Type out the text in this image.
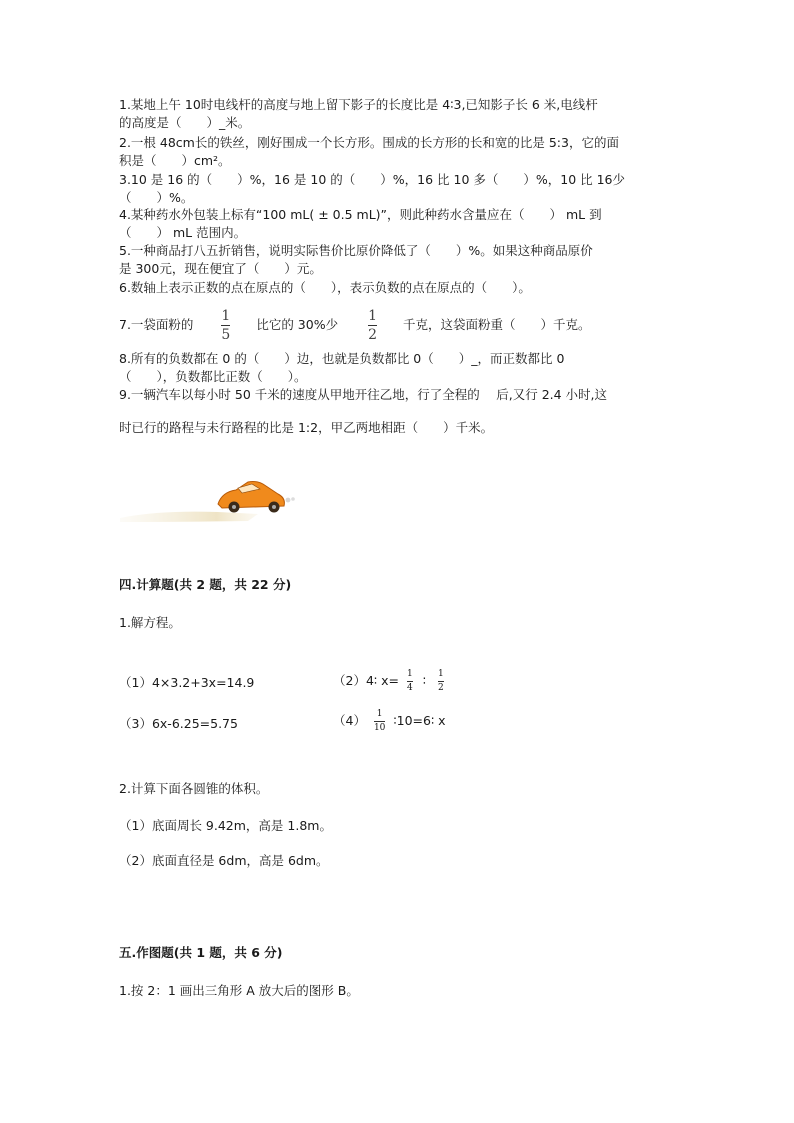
1.某地上午 10时电线杆的高度与地上留下影子的长度比是 4∶3,已知影子长 6 米,电线杆
的高度是（　　）_米。
2.一根 48cm长的铁丝，刚好围成一个长方形。围成的长方形的长和宽的比是 5:3，它的面
积是（　　）cm²。
3.10 是 16 的（　　）%，16 是 10 的（　　）%，16 比 10 多（　　）%，10 比 16少
（　　）%。
4.某种药水外包装上标有“100 mL( ± 0.5 mL)”，则此种药水含量应在（　　） mL 到
（　　） mL 范围内。
5.一种商品打八五折销售，说明实际售价比原价降低了（　　）%。如果这种商品原价
是 300元，现在便宜了（　　）元。
6.数轴上表示正数的点在原点的（　　），表示负数的点在原点的（　　）。
7.一袋面粉的 $\frac{1}{5}$ 比它的 30%少 $\frac{1}{2}$ 千克，这袋面粉重（　　）千克。
8.所有的负数都在 0 的（　　）边，也就是负数都比 0（　　）_，而正数都比 0
（　　），负数都比正数（　　）。
9.一辆汽车以每小时 50 千米的速度从甲地开往乙地，行了全程的　 后,又行 2.4 小时,这
时已行的路程与未行路程的比是 1:2，甲乙两地相距（　　）千米。
四.计算题(共 2 题，共 22 分)
1.解方程。
（1）4×3.2+3x=14.9	（2）4∶ $x= \frac{1}{4}$ ∶ $\frac{1}{2}$
（3）6x-6.25=5.75	$(4) \frac{1}{10}$ ∶10=6∶ x
2.计算下面各圆锥的体积。
（1）底面周长 9.42m，高是 1.8m。
（2）底面直径是 6dm，高是 6dm。
五.作图题(共 1 题，共 6 分)
1.按 2：1 画出三角形 A 放大后的图形 B。
